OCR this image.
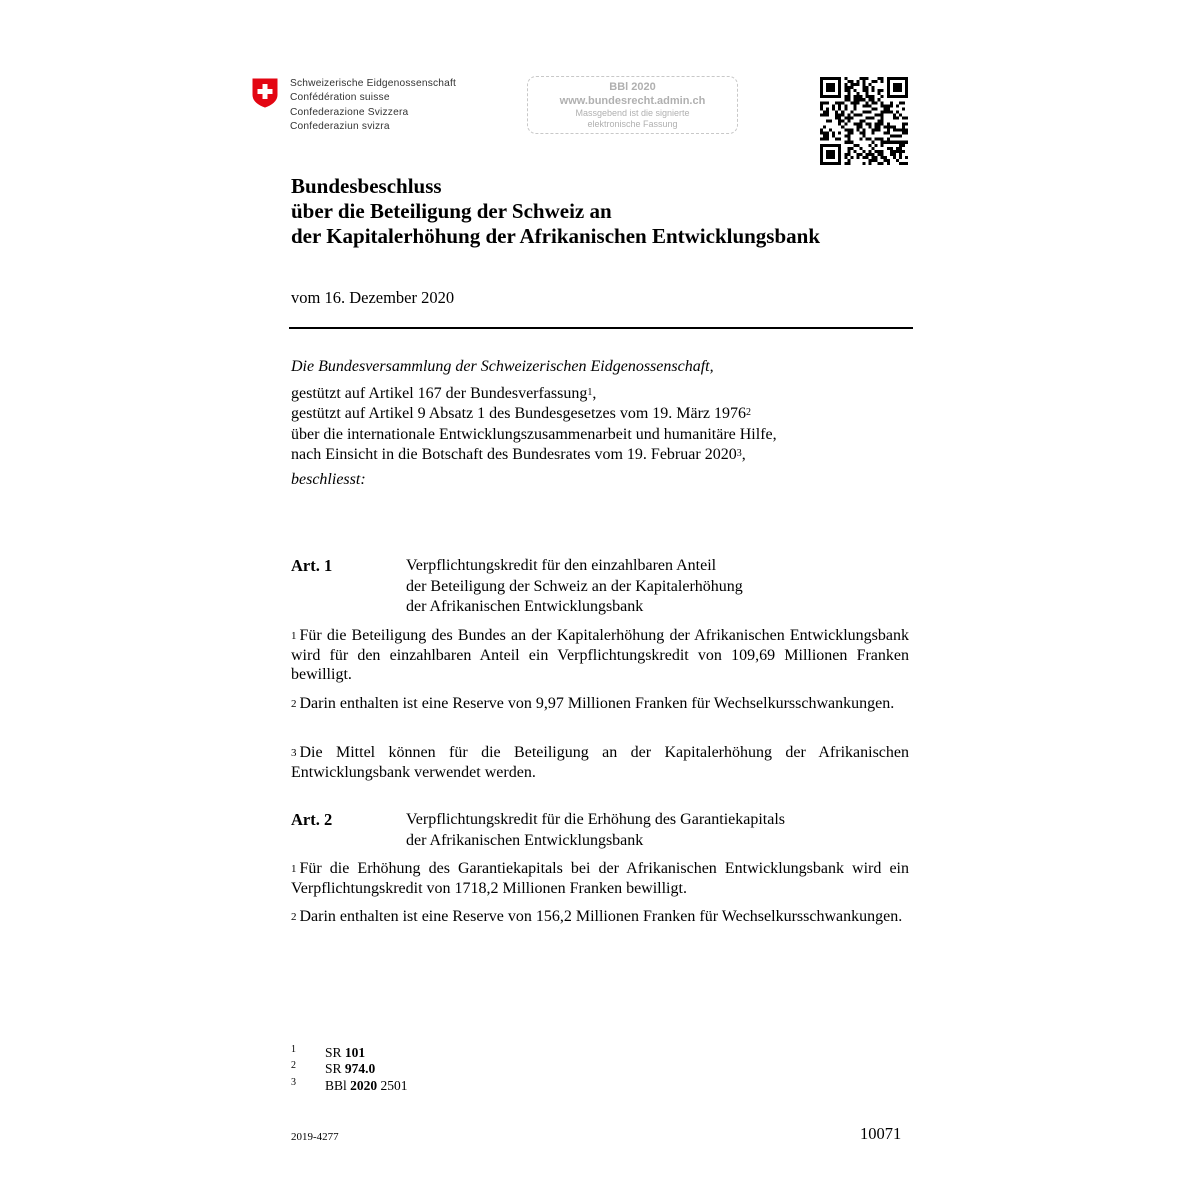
Schweizerische Eidgenossenschaft
Confédération suisse
Confederazione Svizzera
Confederaziun svizra
BBl 2020
www.bundesrecht.admin.ch
Massgebend ist die signierte
elektronische Fassung
Bundesbeschluss
über die Beteiligung der Schweiz an
der Kapitalerhöhung der Afrikanischen Entwicklungsbank
vom 16. Dezember 2020
Die Bundesversammlung der Schweizerischen Eidgenossenschaft,
gestützt auf Artikel 167 der Bundesverfassung$^1$,
gestützt auf Artikel 9 Absatz 1 des Bundesgesetzes vom 19. März 1976$^2$
über die internationale Entwicklungszusammenarbeit und humanitäre Hilfe,
nach Einsicht in die Botschaft des Bundesrates vom 19. Februar 2020$^3$,
beschliesst:
Art. 1	Verpflichtungskredit für den einzahlbaren Anteil
der Beteiligung der Schweiz an der Kapitalerhöhung
der Afrikanischen Entwicklungsbank
$^1$ Für die Beteiligung des Bundes an der Kapitalerhöhung der Afrikanischen Entwicklungsbank wird für den einzahlbaren Anteil ein Verpflichtungskredit von 109,69 Millionen Franken bewilligt.
$^2$ Darin enthalten ist eine Reserve von 9,97 Millionen Franken für Wechselkursschwankungen.
$^3$ Die Mittel können für die Beteiligung an der Kapitalerhöhung der Afrikanischen Entwicklungsbank verwendet werden.
Art. 2	Verpflichtungskredit für die Erhöhung des Garantiekapitals
der Afrikanischen Entwicklungsbank
$^1$ Für die Erhöhung des Garantiekapitals bei der Afrikanischen Entwicklungsbank wird ein Verpflichtungskredit von 1718,2 Millionen Franken bewilligt.
$^2$ Darin enthalten ist eine Reserve von 156,2 Millionen Franken für Wechselkursschwankungen.
1	SR 101
2	SR 974.0
3	BBl 2020 2501
2019-4277	10071
